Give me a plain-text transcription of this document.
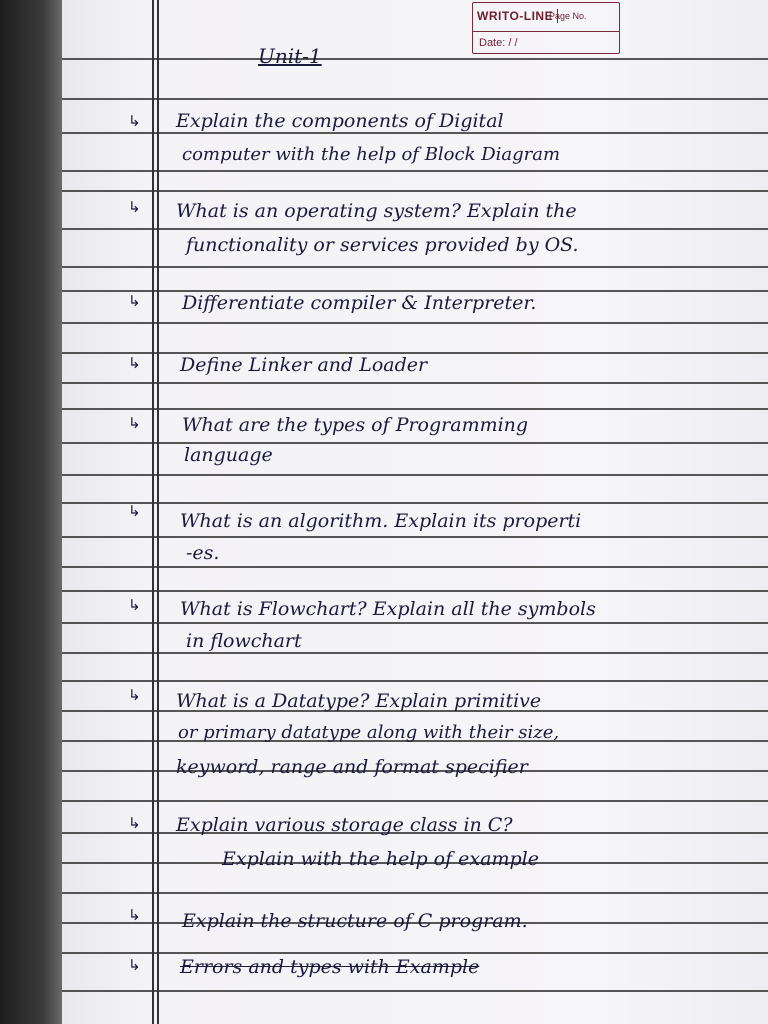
WRITO-LINE
Page No.
Date: / /
Unit-1
↳ Explain the components of Digital
computer with the help of Block Diagram
↳ What is an operating system? Explain the
functionality or services provided by OS.
↳ Differentiate compiler & Interpreter.
↳ Define Linker and Loader
↳ What are the types of Programming
language
↳ What is an algorithm. Explain its properti
-es.
↳ What is Flowchart? Explain all the symbols
in flowchart
↳ What is a Datatype? Explain primitive
or primary datatype along with their size,
keyword, range and format specifier
↳ Explain various storage class in C?
Explain with the help of example
↳ Explain the structure of C program.
↳ Errors and types with Example
